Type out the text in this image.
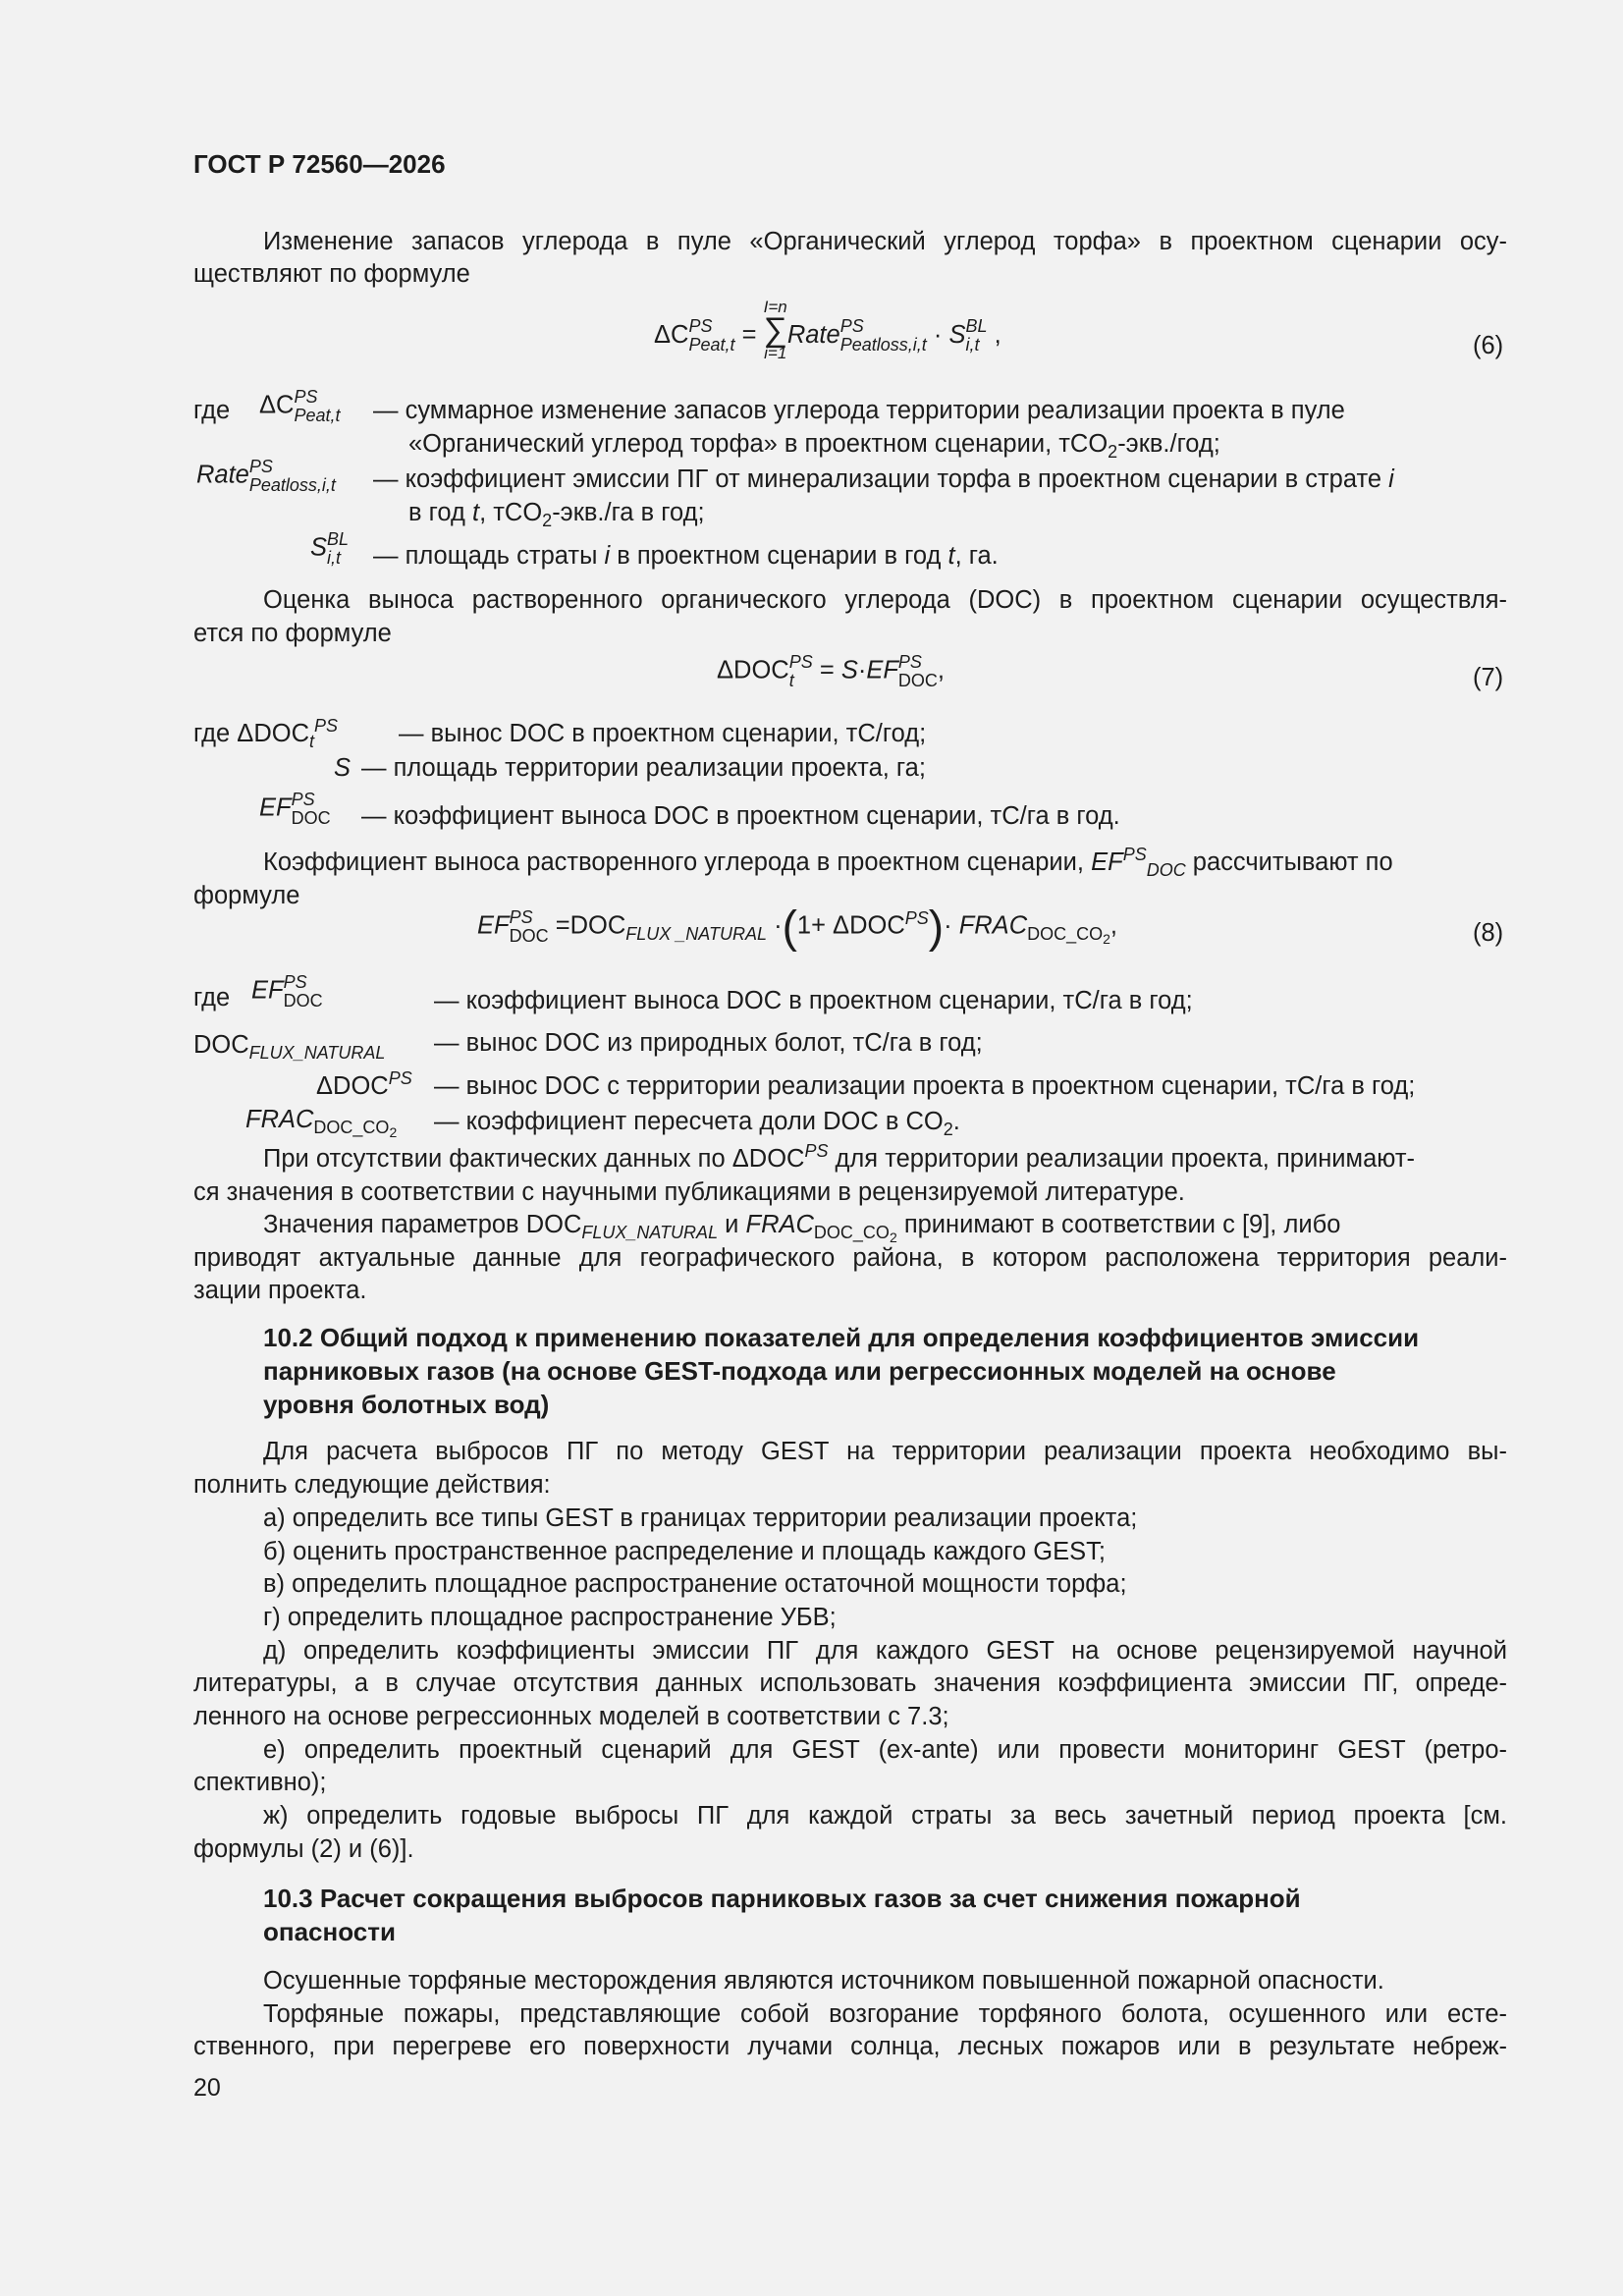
ГОСТ Р 72560—2026
Изменение запасов углерода в пуле «Органический углерод торфа» в проектном сценарии осу-
ществляют по формуле
ΔC PS
Peat,t =
I=n
∑
i=1
Rate PS
Peatloss,i,t · S BL
i,t ,	(6)
где ΔC PS
Peat,t — суммарное изменение запасов углерода территории реализации проекта в пуле
«Органический углерод торфа» в проектном сценарии, тCO$_2$-экв./год;
Rate PS
Peatloss,i,t — коэффициент эмиссии ПГ от минерализации торфа в проектном сценарии в страте i
в год t, тCO$_2$-экв./га в год;
S BL
i,t	— площадь страты i в проектном сценарии в год t, га.
Оценка выноса растворенного органического углерода (DOC) в проектном сценарии осуществля-
ется по формуле
ΔDOC PS
t	= S·EF PS
DOC ,	(7)
где $\Delta DOC_t^{PS}$ — вынос DOC в проектном сценарии, тС/год;
S — площадь территории реализации проекта, га;
EF PS
DOC — коэффициент выноса DOC в проектном сценарии, тС/га в год.
Коэффициент выноса растворенного углерода в проектном сценарии, $EF^{PS}_{DOC}$ рассчитывают по
формуле
EF PS
DOC $=DOC_{FLUX \_NATURAL} \cdot(1+ \Delta DOC^{PS})\cdot$ $FRAC_{DOC\_CO_2}$,	(8)
где EF PS
DOC	— коэффициент выноса DOC в проектном сценарии, тС/га в год;
$DOC_{FLUX\_NATURAL}$ — вынос DOC из природных болот, тС/га в год;
$\Delta DOC^{PS}$ — вынос DOC с территории реализации проекта в проектном сценарии, тС/га в год;
$FRAC_{DOC\_CO_2}$ — коэффициент пересчета доли DOC в $CO_2$.
При отсутствии фактических данных по $\Delta DOC^{PS}$ для территории реализации проекта, принимают-
ся значения в соответствии с научными публикациями в рецензируемой литературе.
Значения параметров $DOC_{FLUX\_NATURAL}$ и $FRAC_{DOC\_CO_2}$ принимают в соответствии с [9], либо
приводят актуальные данные для географического района, в котором расположена территория реали-
зации проекта.
10.2 Общий подход к применению показателей для определения коэффициентов эмиссии
парниковых газов (на основе GEST-подхода или регрессионных моделей на основе
уровня болотных вод)
Для расчета выбросов ПГ по методу GEST на территории реализации проекта необходимо вы-
полнить следующие действия:
а) определить все типы GEST в границах территории реализации проекта;
б) оценить пространственное распределение и площадь каждого GEST;
в) определить площадное распространение остаточной мощности торфа;
г) определить площадное распространение УБВ;
д) определить коэффициенты эмиссии ПГ для каждого GEST на основе рецензируемой научной
литературы, а в случае отсутствия данных использовать значения коэффициента эмиссии ПГ, опреде-
ленного на основе регрессионных моделей в соответствии с 7.3;
е) определить проектный сценарий для GEST (ex-ante) или провести мониторинг GEST (ретро-
спективно);
ж) определить годовые выбросы ПГ для каждой страты за весь зачетный период проекта [см.
формулы (2) и (6)].
10.3 Расчет сокращения выбросов парниковых газов за счет снижения пожарной
опасности
Осушенные торфяные месторождения являются источником повышенной пожарной опасности.
Торфяные пожары, представляющие собой возгорание торфяного болота, осушенного или есте-
ственного, при перегреве его поверхности лучами солнца, лесных пожаров или в результате небреж-
20
